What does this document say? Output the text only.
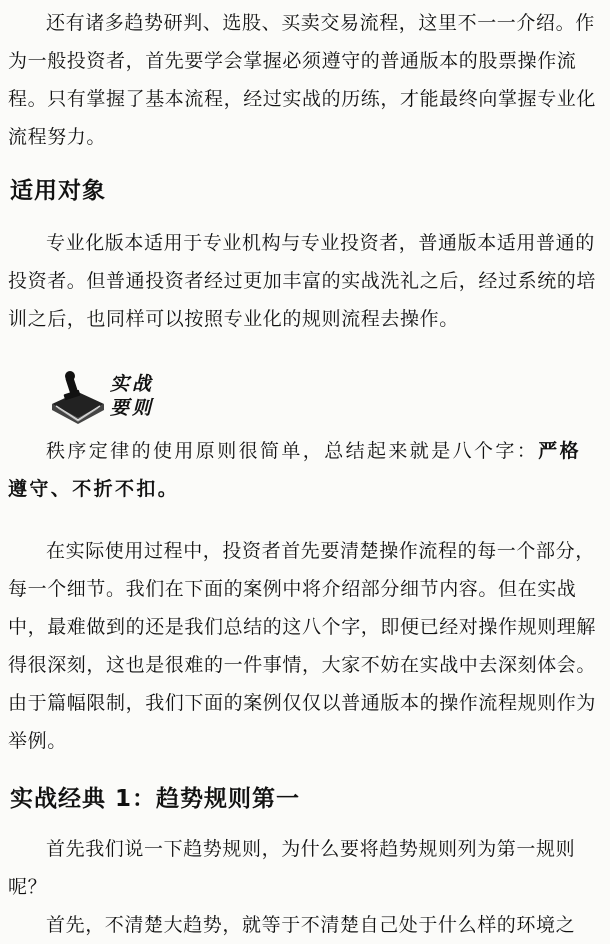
还有诸多趋势研判、选股、买卖交易流程，这里不一一介绍。作为一般投资者，首先要学会掌握必须遵守的普通版本的股票操作流程。只有掌握了基本流程，经过实战的历练，才能最终向掌握专业化流程努力。

适用对象

专业化版本适用于专业机构与专业投资者，普通版本适用普通的投资者。但普通投资者经过更加丰富的实战洗礼之后，经过系统的培训之后，也同样可以按照专业化的规则流程去操作。

实战
要则

秩序定律的使用原则很简单，总结起来就是八个字：严格遵守、不折不扣。

在实际使用过程中，投资者首先要清楚操作流程的每一个部分，每一个细节。我们在下面的案例中将介绍部分细节内容。但在实战中，最难做到的还是我们总结的这八个字，即便已经对操作规则理解得很深刻，这也是很难的一件事情，大家不妨在实战中去深刻体会。由于篇幅限制，我们下面的案例仅仅以普通版本的操作流程规则作为举例。

实战经典 1：趋势规则第一

首先我们说一下趋势规则，为什么要将趋势规则列为第一规则呢？

首先，不清楚大趋势，就等于不清楚自己处于什么样的环境之
